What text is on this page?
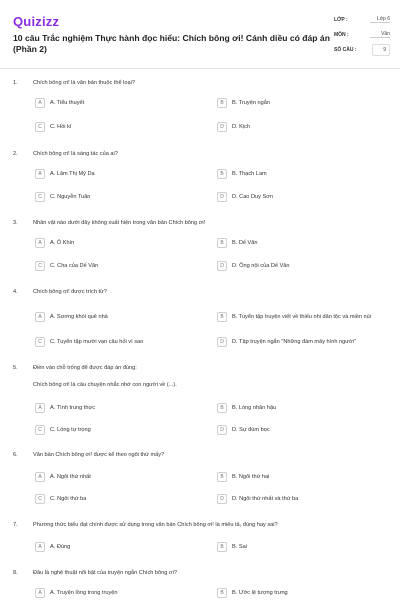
Quizizz
10 câu Trắc nghiệm Thực hành đọc hiểu: Chích bông ơi! Cánh diều có đáp án (Phần 2)
LỚP :	Lớp 6
MÔN :	Văn
SỐ CÂU :	9
1.	Chích bông ơi! là văn bản thuộc thể loại?
A	A. Tiểu thuyết	B	B. Truyện ngắn
C	C. Hồi kí	D	D. Kịch
2.	Chích bông ơi! là sáng tác của ai?
A	A. Lâm Thị Mỹ Dạ	B	B. Thạch Lam
C	C. Nguyễn Tuân	D	D. Cao Duy Sơn
3.	Nhân vật nào dưới đây không xuất hiện trong văn bản Chích bông ơi!
A	A. Ô Khín	B	B. Dế Văn
C	C. Cha của Dế Văn	D	D. Ông nội của Dế Văn
4.	Chích bông ơi! được trích từ?
A	A. Sương khói quê nhà	B	B. Tuyển tập truyện viết về thiếu nhi dân tộc và miền núi
C	C. Tuyển tập mười vạn câu hỏi vì sao	D	D. Tập truyện ngắn "Những đám mây hình người"
5.	Điền vào chỗ trống để được đáp án đúng:
Chích bông ơi! là câu chuyện nhắc nhớ con người về (...).
A	A. Tình trung thực	B	B. Lòng nhân hậu
C	C. Lòng tự trọng	D	D. Sự đùm bọc
6.	Văn bản Chích bông ơi! được kể theo ngôi thứ mấy?
A	A. Ngôi thứ nhất	B	B. Ngôi thứ hai
C	C. Ngôi thứ ba	D	D. Ngôi thứ nhất và thứ ba
7.	Phương thức biểu đạt chính được sử dụng trong văn bản Chích bông ơi! là miêu tả, đúng hay sai?
A	A. Đúng	B	B. Sai
8.	Đâu là nghệ thuật nổi bật của truyện ngắn Chích bông ơi?
A	A. Truyện lồng trong truyện	B	B. Ước lệ tượng trưng
